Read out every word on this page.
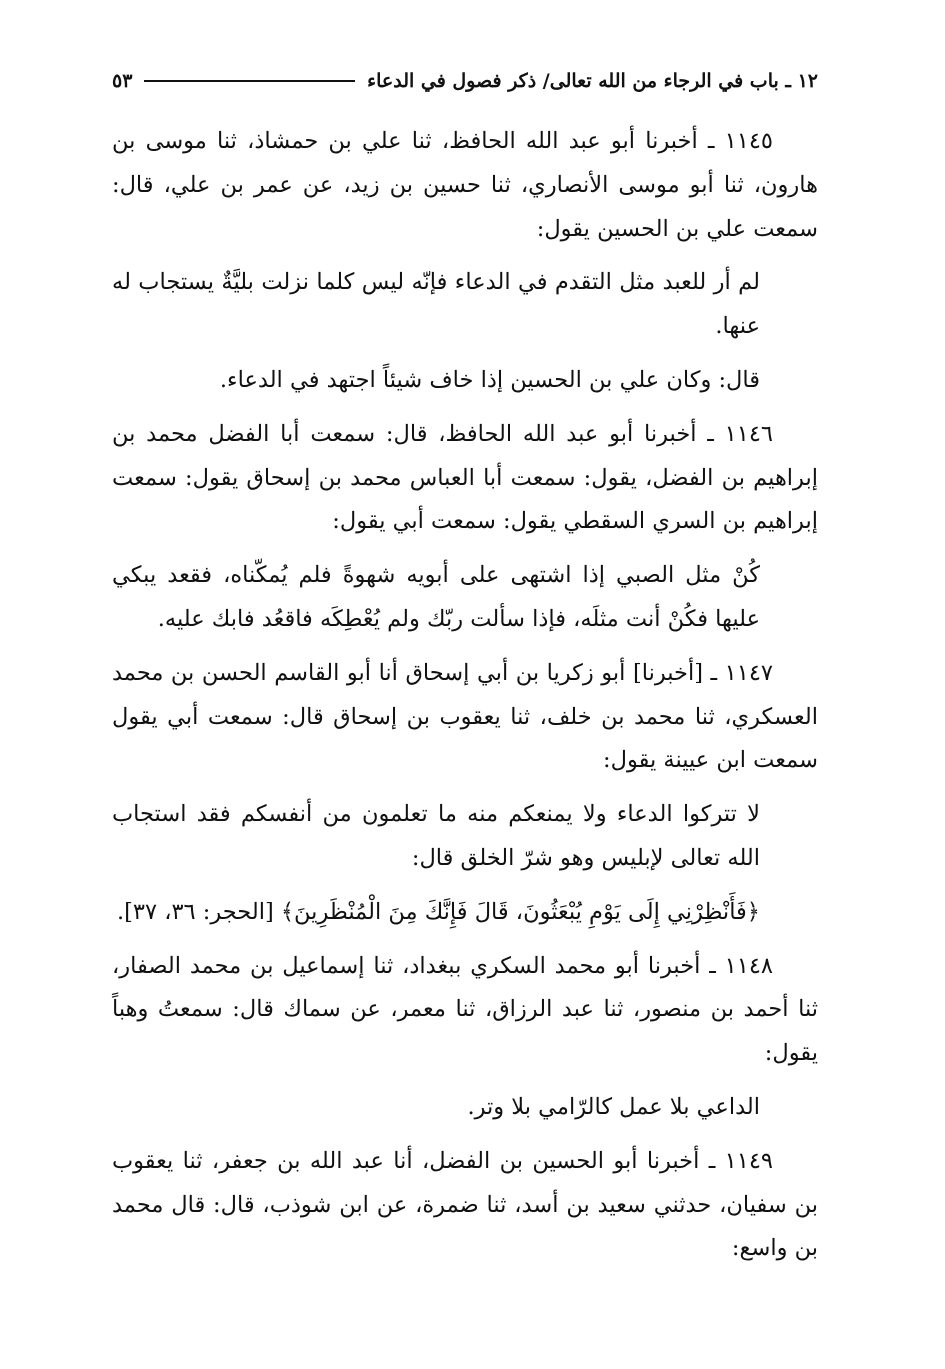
١٢ ـ باب في الرجاء من الله تعالى/ ذكر فصول في الدعاء
٥٣

١١٤٥ ـ أخبرنا أبو عبد الله الحافظ، ثنا علي بن حمشاذ، ثنا موسى بن هارون، ثنا أبو موسى الأنصاري، ثنا حسين بن زيد، عن عمر بن علي، قال: سمعت علي بن الحسين يقول:

لم أر للعبد مثل التقدم في الدعاء فإنّه ليس كلما نزلت بليَّةٌ يستجاب له عنها.

قال: وكان علي بن الحسين إذا خاف شيئاً اجتهد في الدعاء.

١١٤٦ ـ أخبرنا أبو عبد الله الحافظ، قال: سمعت أبا الفضل محمد بن إبراهيم بن الفضل، يقول: سمعت أبا العباس محمد بن إسحاق يقول: سمعت إبراهيم بن السري السقطي يقول: سمعت أبي يقول:

كُنْ مثل الصبي إذا اشتهى على أبويه شهوةً فلم يُمكّناه، فقعد يبكي عليها فكُنْ أنت مثلَه، فإذا سألت ربّك ولم يُعْطِكَه فاقعُد فابك عليه.

١١٤٧ ـ [أخبرنا] أبو زكريا بن أبي إسحاق أنا أبو القاسم الحسن بن محمد العسكري، ثنا محمد بن خلف، ثنا يعقوب بن إسحاق قال: سمعت أبي يقول سمعت ابن عيينة يقول:

لا تتركوا الدعاء ولا يمنعكم منه ما تعلمون من أنفسكم فقد استجاب الله تعالى لإبليس وهو شرّ الخلق قال:

﴿فَأَنْظِرْنِي إِلَى يَوْمِ يُبْعَثُونَ، قَالَ فَإِنَّكَ مِنَ الْمُنْظَرِينَ﴾ [الحجر: ٣٦، ٣٧].

١١٤٨ ـ أخبرنا أبو محمد السكري ببغداد، ثنا إسماعيل بن محمد الصفار، ثنا أحمد بن منصور، ثنا عبد الرزاق، ثنا معمر، عن سماك قال: سمعتُ وهباً يقول:

الداعي بلا عمل كالرّامي بلا وتر.

١١٤٩ ـ أخبرنا أبو الحسين بن الفضل، أنا عبد الله بن جعفر، ثنا يعقوب بن سفيان، حدثني سعيد بن أسد، ثنا ضمرة، عن ابن شوذب، قال: قال محمد بن واسع:
